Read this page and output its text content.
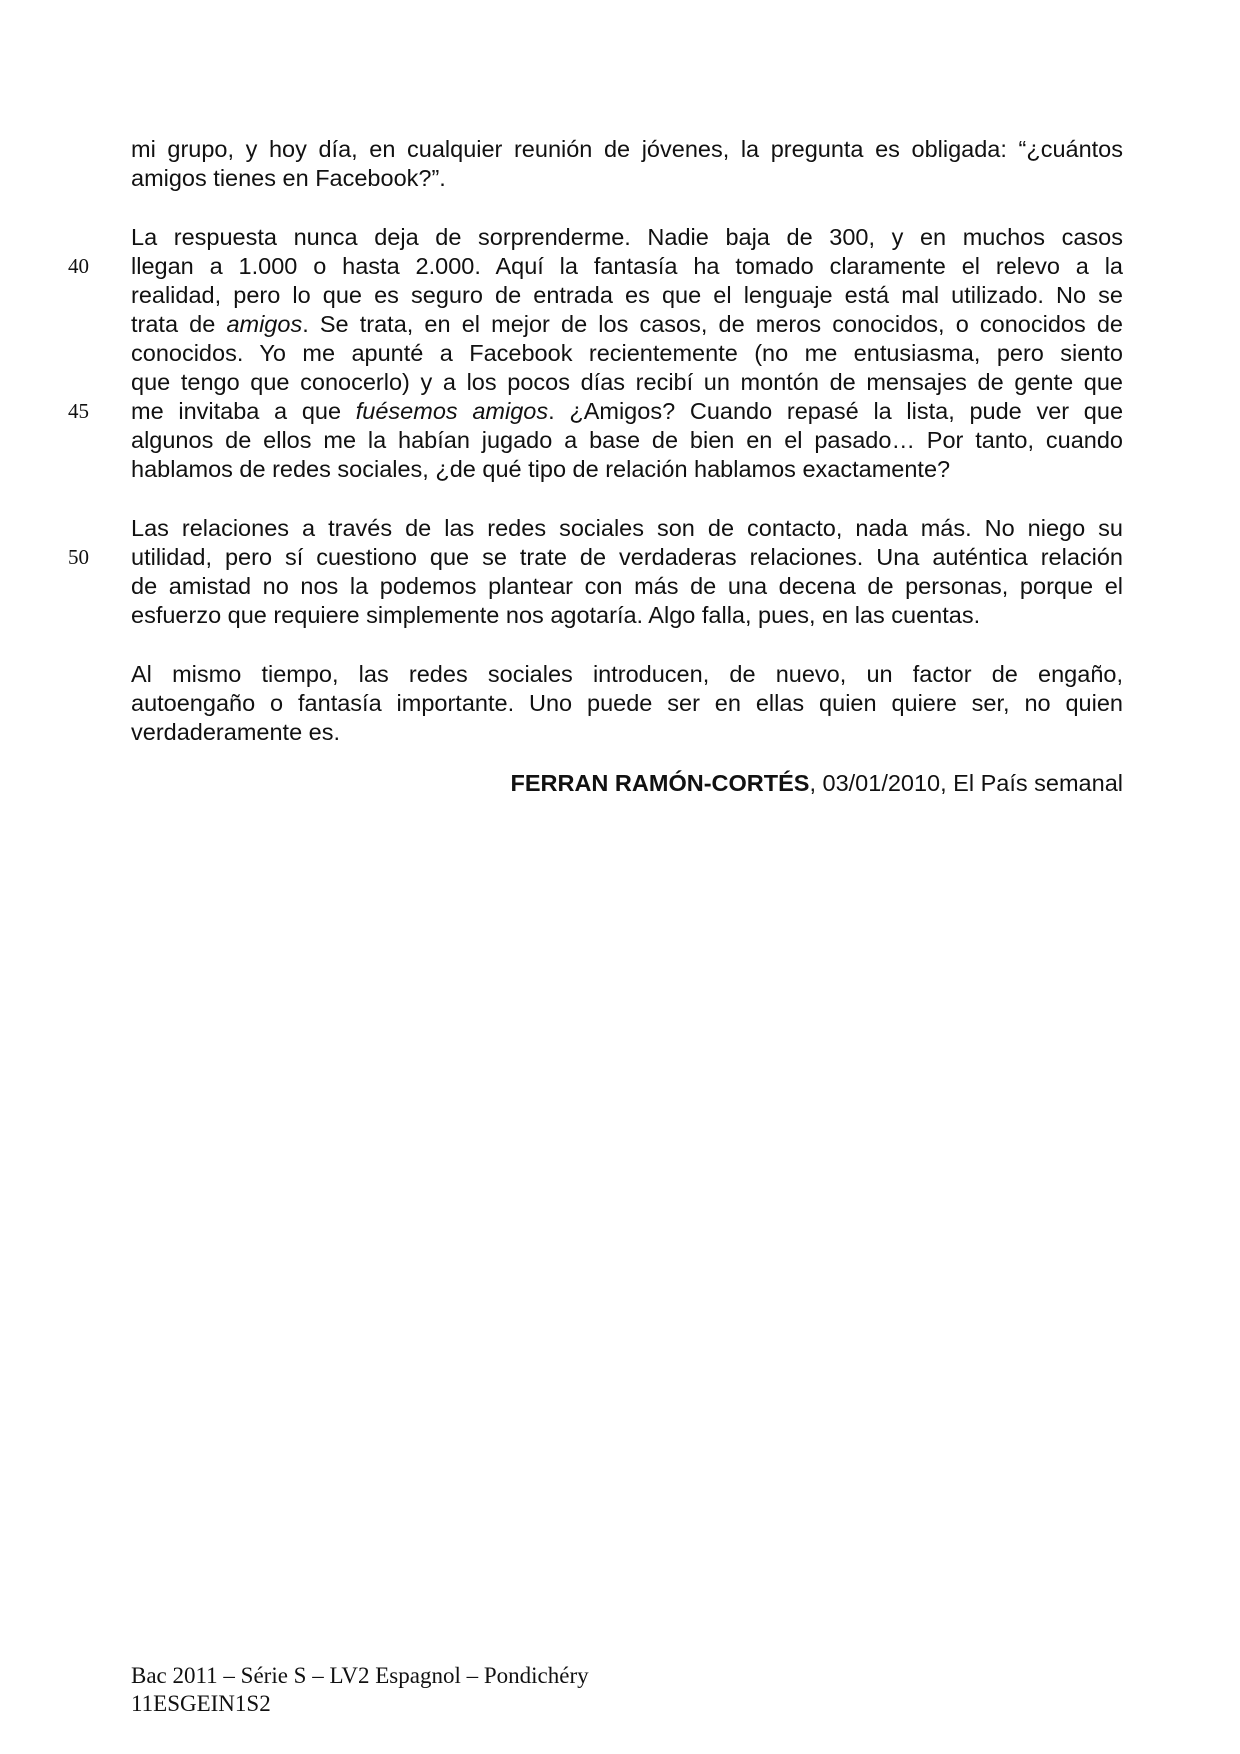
mi grupo, y hoy día, en cualquier reunión de jóvenes, la pregunta es obligada: “¿cuántos
amigos tienes en Facebook?”.
La respuesta nunca deja de sorprenderme. Nadie baja de 300, y en muchos casos
llegan a 1.000 o hasta 2.000. Aquí la fantasía ha tomado claramente el relevo a la
realidad, pero lo que es seguro de entrada es que el lenguaje está mal utilizado. No se
trata de amigos. Se trata, en el mejor de los casos, de meros conocidos, o conocidos de
conocidos. Yo me apunté a Facebook recientemente (no me entusiasma, pero siento
que tengo que conocerlo) y a los pocos días recibí un montón de mensajes de gente que
me invitaba a que fuésemos amigos. ¿Amigos? Cuando repasé la lista, pude ver que
algunos de ellos me la habían jugado a base de bien en el pasado… Por tanto, cuando
hablamos de redes sociales, ¿de qué tipo de relación hablamos exactamente?
Las relaciones a través de las redes sociales son de contacto, nada más. No niego su
utilidad, pero sí cuestiono que se trate de verdaderas relaciones. Una auténtica relación
de amistad no nos la podemos plantear con más de una decena de personas, porque el
esfuerzo que requiere simplemente nos agotaría. Algo falla, pues, en las cuentas.
Al mismo tiempo, las redes sociales introducen, de nuevo, un factor de engaño,
autoengaño o fantasía importante. Uno puede ser en ellas quien quiere ser, no quien
verdaderamente es.
40
45
50
FERRAN RAMÓN-CORTÉS, 03/01/2010, El País semanal
Bac 2011 – Série S – LV2 Espagnol – Pondichéry
11ESGEIN1S2
